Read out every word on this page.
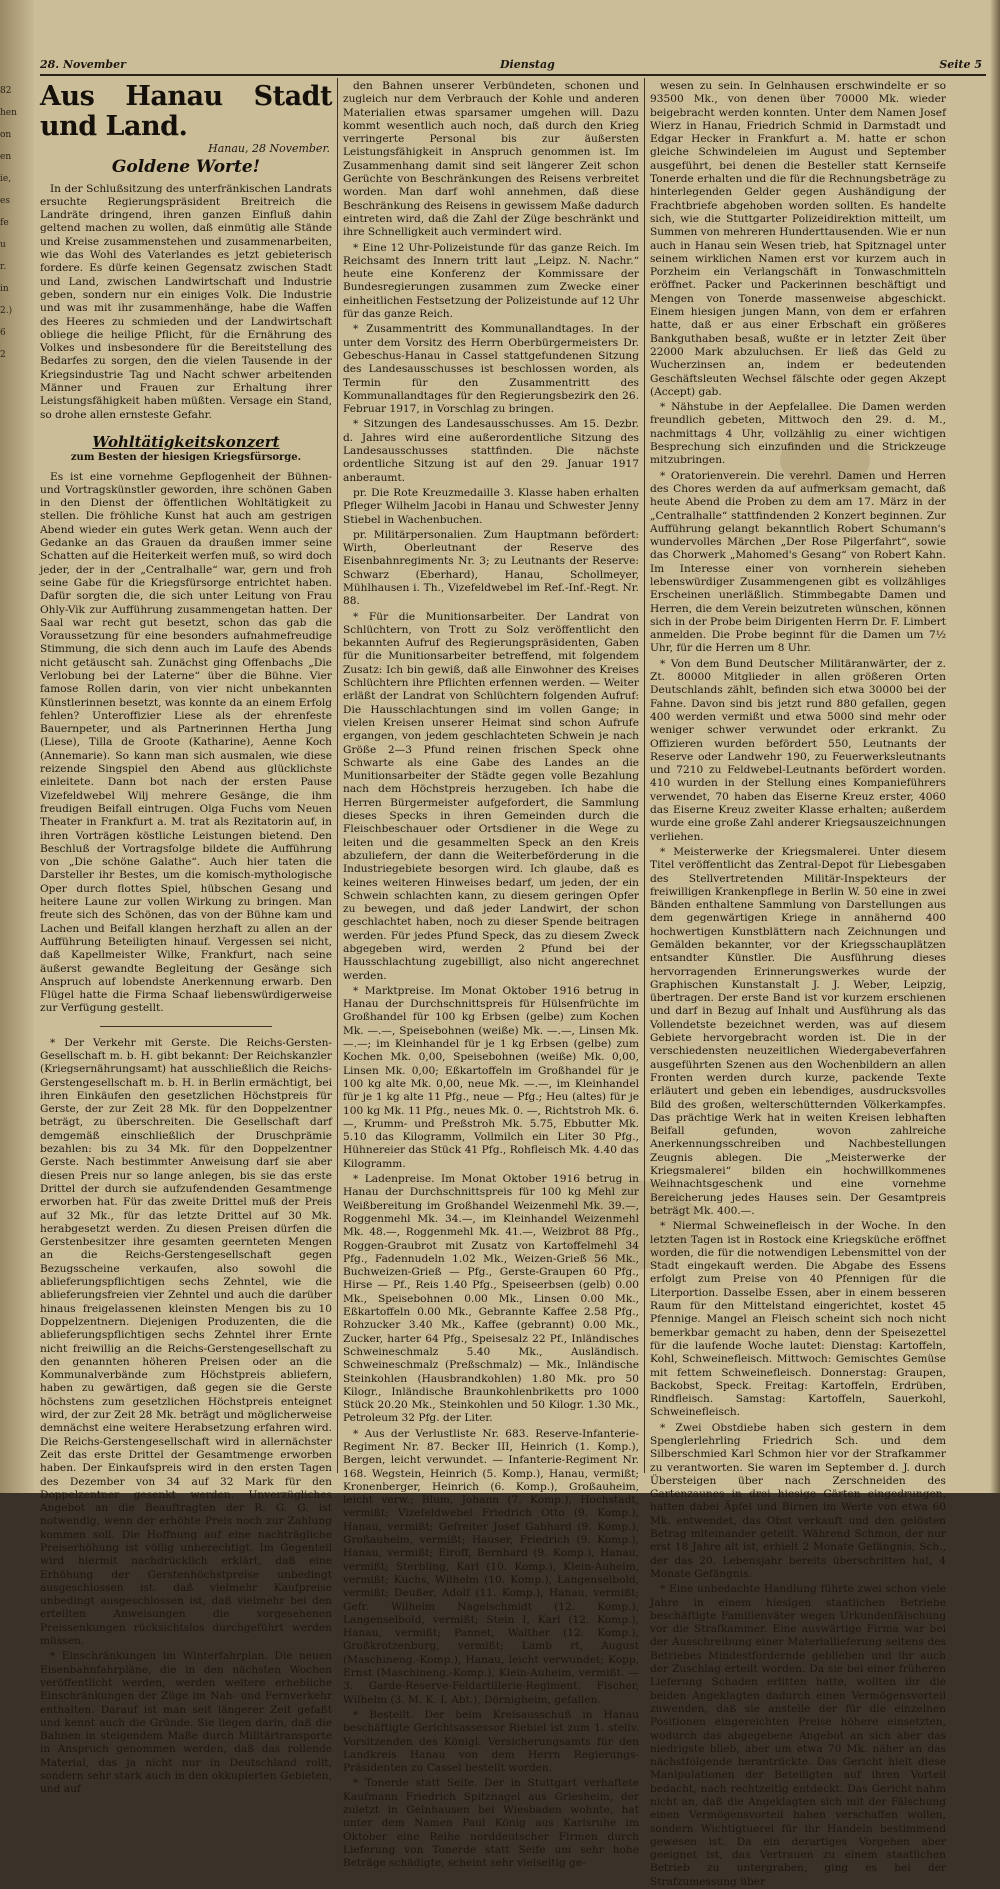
82
hen
on
en
ie,
es
fe
u
r.
in
2.)
6
2
28. November	Dienstag	Seite 5
Aus Hanau Stadt und Land.
Hanau, 28 November.
Goldene Worte!

In der Schlußsitzung des unterfränkischen Landrats ersuchte Regierungspräsident Breitreich die Landräte dringend, ihren ganzen Einfluß dahin geltend machen zu wollen, daß einmütig alle Stände und Kreise zusammenstehen und zusammenarbeiten, wie das Wohl des Vaterlandes es jetzt gebieterisch fordere. Es dürfe keinen Gegensatz zwischen Stadt und Land, zwischen Landwirtschaft und Industrie geben, sondern nur ein einiges Volk. Die Industrie und was mit ihr zusammenhänge, habe die Waffen des Heeres zu schmieden und der Landwirtschaft obliege die heilige Pflicht, für die Ernährung des Volkes und insbesondere für die Bereitstellung des Bedarfes zu sorgen, den die vielen Tausende in der Kriegsindustrie Tag und Nacht schwer arbeitenden Männer und Frauen zur Erhaltung ihrer Leistungsfähigkeit haben müßten. Versage ein Stand, so drohe allen ernsteste Gefahr.

Wohltätigkeitskonzert
zum Besten der hiesigen Kriegsfürsorge.

Es ist eine vornehme Gepflogenheit der Bühnen- und Vortragskünstler geworden, ihre schönen Gaben in den Dienst der öffentlichen Wohltätigkeit zu stellen. Die fröhliche Kunst hat auch am gestrigen Abend wieder ein gutes Werk getan. Wenn auch der Gedanke an das Grauen da draußen immer seine Schatten auf die Heiterkeit werfen muß, so wird doch jeder, der in der „Centralhalle“ war, gern und froh seine Gabe für die Kriegsfürsorge entrichtet haben. Dafür sorgten die, die sich unter Leitung von Frau Ohly-Vik zur Aufführung zusammengetan hatten. Der Saal war recht gut besetzt, schon das gab die Voraussetzung für eine besonders aufnahmefreudige Stimmung, die sich denn auch im Laufe des Abends nicht getäuscht sah. Zunächst ging Offenbachs „Die Verlobung bei der Laterne“ über die Bühne. Vier famose Rollen darin, von vier nicht unbekannten Künstlerinnen besetzt, was konnte da an einem Erfolg fehlen? Unteroffizier Liese als der ehrenfeste Bauernpeter, und als Partnerinnen Hertha Jung (Liese), Tilla de Groote (Katharine), Aenne Koch (Annemarie). So kann man sich ausmalen, wie diese reizende Singspiel den Abend aus glücklichste einleitete. Dann bot nach der ersten Pause Vizefeldwebel Wilj mehrere Gesänge, die ihm freudigen Beifall eintrugen. Olga Fuchs vom Neuen Theater in Frankfurt a. M. trat als Rezitatorin auf, in ihren Vorträgen köstliche Leistungen bietend. Den Beschluß der Vortragsfolge bildete die Aufführung von „Die schöne Galathe“. Auch hier taten die Darsteller ihr Bestes, um die komisch-mythologische Oper durch flottes Spiel, hübschen Gesang und heitere Laune zur vollen Wirkung zu bringen. Man freute sich des Schönen, das von der Bühne kam und Lachen und Beifall klangen herzhaft zu allen an der Aufführung Beteiligten hinauf. Vergessen sei nicht, daß Kapellmeister Wilke, Frankfurt, nach seine äußerst gewandte Begleitung der Gesänge sich Anspruch auf lobendste Anerkennung erwarb. Den Flügel hatte die Firma Schaaf liebenswürdigerweise zur Verfügung gestellt.

* Der Verkehr mit Gerste. Die Reichs-Gersten-Gesellschaft m. b. H. gibt bekannt: Der Reichskanzler (Kriegsernährungsamt) hat ausschließlich die Reichs-Gerstengesellschaft m. b. H. in Berlin ermächtigt, bei ihren Einkäufen den gesetzlichen Höchstpreis für Gerste, der zur Zeit 28 Mk. für den Doppelzentner beträgt, zu überschreiten. Die Gesellschaft darf demgemäß einschließlich der Druschprämie bezahlen: bis zu 34 Mk. für den Doppelzentner Gerste. Nach bestimmter Anweisung darf sie aber diesen Preis nur so lange anlegen, bis sie das erste Drittel der durch sie aufzufendenden Gesamtmenge erworben hat. Für das zweite Drittel muß der Preis auf 32 Mk., für das letzte Drittel auf 30 Mk. herabgesetzt werden. Zu diesen Preisen dürfen die Gerstenbesitzer ihre gesamten geernteten Mengen an die Reichs-Gerstengesellschaft gegen Bezugsscheine verkaufen, also sowohl die ablieferungspflichtigen sechs Zehntel, wie die ablieferungsfreien vier Zehntel und auch die darüber hinaus freigelassenen kleinsten Mengen bis zu 10 Doppelzentnern. Diejenigen Produzenten, die die ablieferungspflichtigen sechs Zehntel ihrer Ernte nicht freiwillig an die Reichs-Gerstengesellschaft zu den genannten höheren Preisen oder an die Kommunalverbände zum Höchstpreis abliefern, haben zu gewärtigen, daß gegen sie die Gerste höchstens zum gesetzlichen Höchstpreis enteignet wird, der zur Zeit 28 Mk. beträgt und möglicherweise demnächst eine weitere Herabsetzung erfahren wird. Die Reichs-Gerstengesellschaft wird in allernächster Zeit das erste Drittel der Gesamtmenge erworben haben. Der Einkaufspreis wird in den ersten Tagen des Dezember von 34 auf 32 Mark für den Doppelzentner gesenkt werden. Unverzügliches Angebot an die Beauftragten der R. G. G. ist notwendig, wenn der erhöhte Preis noch zur Zahlung kommen soll. Die Hoffnung auf eine nachträgliche Preiserhöhung ist völlig unberechtigt. Im Gegenteil wird hiermit nachdrücklich erklärt, daß eine Erhöhung der Gerstenhöchstpreise unbedingt ausgeschlossen ist. daß vielmehr Kaufpreise unbedingt ausgeschlossen ist, daß vielmehr bei den erteilten Anweisungen die vorgesehenen Preissenkungen rücksichtslos durchgeführt werden müssen.

* Einschränkungen im Winterfahrplan. Die neuen Eisenbahnfahrpläne, die in den nächsten Wochen veröffentlicht werden, werden weitere erhebliche Einschränkungen der Züge im Nah- und Fernverkehr enthalten. Darauf ist man seit längerer Zeit gefaßt und kennt auch die Gründe. Sie liegen darin, daß die Bahnen in steigendem Maße durch Militärtransporte in Anspruch genommen werden, daß das rollende Material, das ja nicht nur in Deutschland rollt, sondern sehr stark auch in den okkupierten Gebieten, und auf

den Bahnen unserer Verbündeten, schonen und zugleich nur dem Verbrauch der Kohle und anderen Materialien etwas sparsamer umgehen will. Dazu kommt wesentlich auch noch, daß durch den Krieg verringerte Personal bis zur äußersten Leistungsfähigkeit in Anspruch genommen ist. Im Zusammenhang damit sind seit längerer Zeit schon Gerüchte von Beschränkungen des Reisens verbreitet worden. Man darf wohl annehmen, daß diese Beschränkung des Reisens in gewissem Maße dadurch eintreten wird, daß die Zahl der Züge beschränkt und ihre Schnelligkeit auch vermindert wird.

* Eine 12 Uhr-Polizeistunde für das ganze Reich. Im Reichsamt des Innern tritt laut „Leipz. N. Nachr.“ heute eine Konferenz der Kommissare der Bundesregierungen zusammen zum Zwecke einer einheitlichen Festsetzung der Polizeistunde auf 12 Uhr für das ganze Reich.

* Zusammentritt des Kommunallandtages. In der unter dem Vorsitz des Herrn Oberbürgermeisters Dr. Gebeschus-Hanau in Cassel stattgefundenen Sitzung des Landesausschusses ist beschlossen worden, als Termin für den Zusammentritt des Kommunallandtages für den Regierungsbezirk den 26. Februar 1917, in Vorschlag zu bringen.

* Sitzungen des Landesausschusses. Am 15. Dezbr. d. Jahres wird eine außerordentliche Sitzung des Landesausschusses stattfinden. Die nächste ordentliche Sitzung ist auf den 29. Januar 1917 anberaumt.

pr. Die Rote Kreuzmedaille 3. Klasse haben erhalten Pfleger Wilhelm Jacobi in Hanau und Schwester Jenny Stiebel in Wachenbuchen.

pr. Militärpersonalien. Zum Hauptmann befördert: Wirth, Oberleutnant der Reserve des Eisenbahnregiments Nr. 3; zu Leutnants der Reserve: Schwarz (Eberhard), Hanau, Schollmeyer, Mühlhausen i. Th., Vizefeldwebel im Ref.-Inf.-Regt. Nr. 88.

* Für die Munitionsarbeiter. Der Landrat von Schlüchtern, von Trott zu Solz veröffentlicht den bekannten Aufruf des Regierungspräsidenten, Gaben für die Munitionsarbeiter betreffend, mit folgendem Zusatz: Ich bin gewiß, daß alle Einwohner des Kreises Schlüchtern ihre Pflichten erfennen werden. — Weiter erläßt der Landrat von Schlüchtern folgenden Aufruf: Die Hausschlachtungen sind im vollen Gange; in vielen Kreisen unserer Heimat sind schon Aufrufe ergangen, von jedem geschlachteten Schwein je nach Größe 2—3 Pfund reinen frischen Speck ohne Schwarte als eine Gabe des Landes an die Munitionsarbeiter der Städte gegen volle Bezahlung nach dem Höchstpreis herzugeben. Ich habe die Herren Bürgermeister aufgefordert, die Sammlung dieses Specks in ihren Gemeinden durch die Fleischbeschauer oder Ortsdiener in die Wege zu leiten und die gesammelten Speck an den Kreis abzuliefern, der dann die Weiterbeförderung in die Industriegebiete besorgen wird. Ich glaube, daß es keines weiteren Hinweises bedarf, um jeden, der ein Schwein schlachten kann, zu diesem geringen Opfer zu bewegen, und daß jeder Landwirt, der schon geschlachtet haben, noch zu dieser Spende beitragen werden. Für jedes Pfund Speck, das zu diesem Zweck abgegeben wird, werden 2 Pfund bei der Hausschlachtung zugebilligt, also nicht angerechnet werden.

* Marktpreise. Im Monat Oktober 1916 betrug in Hanau der Durchschnittspreis für Hülsenfrüchte im Großhandel für 100 kg Erbsen (gelbe) zum Kochen Mk. —.—, Speisebohnen (weiße) Mk. —.—, Linsen Mk. —.—; im Kleinhandel für je 1 kg Erbsen (gelbe) zum Kochen Mk. 0,00, Speisebohnen (weiße) Mk. 0,00, Linsen Mk. 0,00; Eßkartoffeln im Großhandel für je 100 kg alte Mk. 0,00, neue Mk. —.—, im Kleinhandel für je 1 kg alte 11 Pfg., neue — Pfg.; Heu (altes) für je 100 kg Mk. 11 Pfg., neues Mk. 0. —, Richtstroh Mk. 6.—, Krumm- und Preßstroh Mk. 5.75, Ebbutter Mk. 5.10 das Kilogramm, Vollmilch ein Liter 30 Pfg., Hühnereier das Stück 41 Pfg., Rohfleisch Mk. 4.40 das Kilogramm.

* Ladenpreise. Im Monat Oktober 1916 betrug in Hanau der Durchschnittspreis für 100 kg Mehl zur Weißbereitung im Großhandel Weizenmehl Mk. 39.—, Roggenmehl Mk. 34.—, im Kleinhandel Weizenmehl Mk. 48.—, Roggenmehl Mk. 41.—, Weizbrot 88 Pfg., Roggen-Graubrot mit Zusatz von Kartoffelmehl 34 Pfg., Fadennudeln 1.02 Mk., Weizen-Grieß 56 Mk., Buchweizen-Grieß — Pfg., Gerste-Graupen 60 Pfg., Hirse — Pf., Reis 1.40 Pfg., Speiseerbsen (gelb) 0.00 Mk., Speisebohnen 0.00 Mk., Linsen 0.00 Mk., Eßkartoffeln 0.00 Mk., Gebrannte Kaffee 2.58 Pfg., Rohzucker 3.40 Mk., Kaffee (gebrannt) 0.00 Mk., Zucker, harter 64 Pfg., Speisesalz 22 Pf., Inländisches Schweineschmalz 5.40 Mk., Ausländisch. Schweineschmalz (Preßschmalz) — Mk., Inländische Steinkohlen (Hausbrandkohlen) 1.80 Mk. pro 50 Kilogr., Inländische Braunkohlenbriketts pro 1000 Stück 20.20 Mk., Steinkohlen und 50 Kilogr. 1.30 Mk., Petroleum 32 Pfg. der Liter.

* Aus der Verlustliste Nr. 683. Reserve-Infanterie-Regiment Nr. 87. Becker III, Heinrich (1. Komp.), Bergen, leicht verwundet. — Infanterie-Regiment Nr. 168. Wegstein, Heinrich (5. Komp.), Hanau, vermißt; Kronenberger, Heinrich (6. Komp.), Großauheim, leicht verw.; Blum, Johann (7. Komp.), Hochstadt, vermißt; Vizefeldwebel Friedrich Otto (9. Komp.), Hanau, vermißt; Gefreiter Josef Gabhard (9. Komp.), Großauheim, vermißt; Hauser, Friedrich (9. Komp.), Hanau, vermißt; Eiroff, Bernhard (9. Komp.), Hanau, vermißt; Sterbling, Karl (10. Komp.), Klein-Auheim, vermißt; Kuchs, Wilhelm (10. Komp.), Langenselbold, vermißt; Deußer, Adolf (11. Komp.), Hanau, vermißt; Gefr. Wilhelm Nagelschmidt (12. Komp.), Langenselbold, vermißt; Stein I, Karl (12. Komp.), Hanau, vermißt; Pannet, Walther (12. Komp.), Großkrotzenburg, vermißt; Lamb rt, August (Maschineng.-Komp.), Hanau, leicht verwundet; Kopp, Ernst (Maschineng.-Komp.), Klein-Auheim, vermißt. — 3. Garde-Reserve-Feldartillerie-Regiment. Fischer, Wilhelm (3. M. K. I. Abt.), Dörnigheim, gefallen.

* Bestellt. Der beim Kreisausschuß in Hanau beschäftigte Gerichtsassessor Riebiel ist zum 1. stellv. Vorsitzenden des Königl. Versicherungsamts für den Landkreis Hanau von dem Herrn Regierungs-Präsidenten zu Cassel bestellt worden.

* Tonerde statt Seife. Der in Stuttgart verhaftete Kaufmann Friedrich Spitznagel aus Griesheim, der zuletzt in Gelnhausen bei Wiesbaden wohnte, hat unter dem Namen Paul König aus Karlsruhe im Oktober eine Reihe norddeutscher Firmen durch Lieferung von Tonerde statt Seife um sehr hohe Beträge schädigte, scheint sehr vielseitig ge-

wesen zu sein. In Gelnhausen erschwindelte er so 93500 Mk., von denen über 70000 Mk. wieder beigebracht werden konnten. Unter dem Namen Josef Wierz in Hanau, Friedrich Schmid in Darmstadt und Edgar Hecker in Frankfurt a. M. hatte er schon gleiche Schwindeleien im August und September ausgeführt, bei denen die Besteller statt Kernseife Tonerde erhalten und die für die Rechnungsbeträge zu hinterlegenden Gelder gegen Aushändigung der Frachtbriefe abgehoben worden sollten. Es handelte sich, wie die Stuttgarter Polizeidirektion mitteilt, um Summen von mehreren Hunderttausenden. Wie er nun auch in Hanau sein Wesen trieb, hat Spitznagel unter seinem wirklichen Namen erst vor kurzem auch in Porzheim ein Verlangschäft in Tonwaschmitteln eröffnet. Packer und Packerinnen beschäftigt und Mengen von Tonerde massenweise abgeschickt. Einem hiesigen jungen Mann, von dem er erfahren hatte, daß er aus einer Erbschaft ein größeres Bankguthaben besaß, wußte er in letzter Zeit über 22000 Mark abzuluchsen. Er ließ das Geld zu Wucherzinsen an, indem er bedeutenden Geschäftsleuten Wechsel fälschte oder gegen Akzept (Accept) gab.

* Nähstube in der Aepfelallee. Die Damen werden freundlich gebeten, Mittwoch den 29. d. M., nachmittags 4 Uhr, vollzählig zu einer wichtigen Besprechung sich einzufinden und die Strickzeuge mitzubringen.

* Oratorienverein. Die verehrl. Damen und Herren des Chores werden da auf aufmerksam gemacht, daß heute Abend die Proben zu dem am 17. März in der „Centralhalle“ stattfindenden 2 Konzert beginnen. Zur Aufführung gelangt bekanntlich Robert Schumann's wundervolles Märchen „Der Rose Pilgerfahrt“, sowie das Chorwerk „Mahomed's Gesang“ von Robert Kahn. Im Interesse einer von vornherein sieheben lebenswürdiger Zusammengenen gibt es vollzähliges Erscheinen unerläßlich. Stimmbegabte Damen und Herren, die dem Verein beizutreten wünschen, können sich in der Probe beim Dirigenten Herrn Dr. F. Limbert anmelden. Die Probe beginnt für die Damen um 7½ Uhr, für die Herren um 8 Uhr.

* Von dem Bund Deutscher Militäranwärter, der z. Zt. 80000 Mitglieder in allen größeren Orten Deutschlands zählt, befinden sich etwa 30000 bei der Fahne. Davon sind bis jetzt rund 880 gefallen, gegen 400 werden vermißt und etwa 5000 sind mehr oder weniger schwer verwundet oder erkrankt. Zu Offizieren wurden befördert 550, Leutnants der Reserve oder Landwehr 190, zu Feuerwerksleutnants und 7210 zu Feldwebel-Leutnants befördert worden. 410 wurden in der Stellung eines Kompanieführers verwendet, 70 haben das Eiserne Kreuz erster, 4060 das Eiserne Kreuz zweiter Klasse erhalten; außerdem wurde eine große Zahl anderer Kriegsauszeichnungen verliehen.

* Meisterwerke der Kriegsmalerei. Unter diesem Titel veröffentlicht das Zentral-Depot für Liebesgaben des Stellvertretenden Militär-Inspekteurs der freiwilligen Krankenpflege in Berlin W. 50 eine in zwei Bänden enthaltene Sammlung von Darstellungen aus dem gegenwärtigen Kriege in annähernd 400 hochwertigen Kunstblättern nach Zeichnungen und Gemälden bekannter, vor der Kriegsschauplätzen entsandter Künstler. Die Ausführung dieses hervorragenden Erinnerungswerkes wurde der Graphischen Kunstanstalt J. J. Weber, Leipzig, übertragen. Der erste Band ist vor kurzem erschienen und darf in Bezug auf Inhalt und Ausführung als das Vollendetste bezeichnet werden, was auf diesem Gebiete hervorgebracht worden ist. Die in der verschiedensten neuzeitlichen Wiedergabeverfahren ausgeführten Szenen aus den Wochenbildern an allen Fronten werden durch kurze, packende Texte erläutert und geben ein lebendiges, ausdrucksvolles Bild des großen, welterschütternden Völkerkampfes. Das prächtige Werk hat in weiten Kreisen lebhaften Beifall gefunden, wovon zahlreiche Anerkennungsschreiben und Nachbestellungen Zeugnis ablegen. Die „Meisterwerke der Kriegsmalerei“ bilden ein hochwillkommenes Weihnachtsgeschenk und eine vornehme Bereicherung jedes Hauses sein. Der Gesamtpreis beträgt Mk. 400.—.

* Niermal Schweinefleisch in der Woche. In den letzten Tagen ist in Rostock eine Kriegsküche eröffnet worden, die für die notwendigen Lebensmittel von der Stadt eingekauft werden. Die Abgabe des Essens erfolgt zum Preise von 40 Pfennigen für die Literportion. Dasselbe Essen, aber in einem besseren Raum für den Mittelstand eingerichtet, kostet 45 Pfennige. Mangel an Fleisch scheint sich noch nicht bemerkbar gemacht zu haben, denn der Speisezettel für die laufende Woche lautet: Dienstag: Kartoffeln, Kohl, Schweinefleisch. Mittwoch: Gemischtes Gemüse mit fettem Schweinefleisch. Donnerstag: Graupen, Backobst, Speck. Freitag: Kartoffeln, Erdrüben, Rindfleisch. Samstag: Kartoffeln, Sauerkohl, Schweinefleisch.

* Zwei Obstdiebe haben sich gestern in dem Spenglerlehrling Friedrich Sch. und dem Silberschmied Karl Schmon hier vor der Strafkammer zu verantworten. Sie waren im September d. J. durch Übersteigen über nach Zerschneiden des Gartenzaunes in drei hiesige Gärten eingedrungen, hatten dabei Äpfel und Birnen im Werte von etwa 60 Mk. entwendet, das Obst verkauft und den gelösten Betrag miteinander geteilt. Während Schmon, der nur erst 18 Jahre alt ist, erhielt 2 Monate Gefängnis, Sch., der das 20. Lebensjahr bereits überschritten hat, 4 Monate Gefängnis.

* Eine unbedachte Handlung führte zwei schon viele Jahre in einem hiesigen staatlichen Betriebe beschäftigte Familienväter wegen Urkundenfälschung vor die Strafkammer. Eine auswärtige Firma war bei der Ausschreibung einer Materiallieferung seitens des Betriebes Mindestfordernde geblieben und ihr auch der Zuschlag erteilt worden. Da sie bei einer früheren Lieferung Schaden erlitten hatte, wollten ihr die beiden Angeklagten dadurch einen Vermögensvorteil zuwenden, daß sie anstelle der für die einzelnen Positionen eingereichten Preise höhere einsetzten, wodurch das abgegebene Angebot an sich aber das niedrigste blieb, aber um etwa 70 Mk. näher an das nächstfolgende herantrückte. Das Gericht hielt diese Manipulationen der Beteiligten auf ihren Vorteil bedacht, nach rechtzeitig entdeckt. Das Gericht nahm nicht an, daß die Angeklagten sich mit der Fälschung einen Vermögensvorteil haben verschaffen wollen, sondern Wichtigtuerei für ihr Handeln bestimmend gewesen ist. Da ein derartiges Vorgehen aber geeignet ist, das Vertrauen zu einem staatlichen Betrieb zu untergraben, ging es bei der Strafzumessung über
